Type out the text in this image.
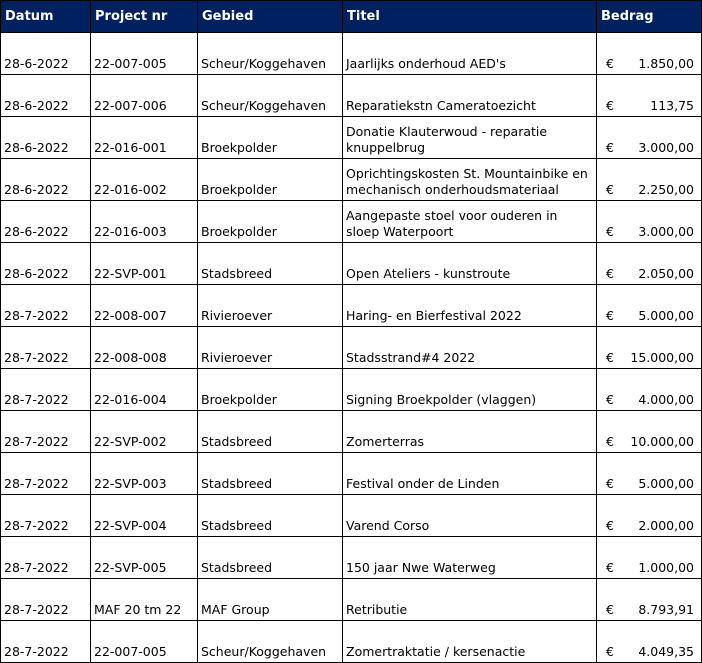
Datum	Project nr	Gebied	Titel	Bedrag
28-6-2022	22-007-005	Scheur/Koggehaven	Jaarlijks onderhoud AED's	€ 1.850,00

28-6-2022	22-007-006	Scheur/Koggehaven	Reparatiekstn Cameratoezicht	€ 113,75

28-6-2022	22-016-001	Broekpolder	Donatie Klauterwoud - reparatie knuppelbrug	€ 3.000,00

28-6-2022	22-016-002	Broekpolder	Oprichtingskosten St. Mountainbike en mechanisch onderhoudsmateriaal	€ 2.250,00

28-6-2022	22-016-003	Broekpolder	Aangepaste stoel voor ouderen in sloep Waterpoort	€ 3.000,00

28-6-2022	22-SVP-001	Stadsbreed	Open Ateliers - kunstroute	€ 2.050,00

28-7-2022	22-008-007	Rivieroever	Haring- en Bierfestival 2022	€ 5.000,00

28-7-2022	22-008-008	Rivieroever	Stadsstrand#4 2022	€ 15.000,00

28-7-2022	22-016-004	Broekpolder	Signing Broekpolder (vlaggen)	€ 4.000,00

28-7-2022	22-SVP-002	Stadsbreed	Zomerterras	€ 10.000,00

28-7-2022	22-SVP-003	Stadsbreed	Festival onder de Linden	€ 5.000,00

28-7-2022	22-SVP-004	Stadsbreed	Varend Corso	€ 2.000,00

28-7-2022	22-SVP-005	Stadsbreed	150 jaar Nwe Waterweg	€ 1.000,00

28-7-2022	MAF 20 tm 22	MAF Group	Retributie	€ 8.793,91

28-7-2022	22-007-005	Scheur/Koggehaven	Zomertraktatie / kersenactie	€ 4.049,35
